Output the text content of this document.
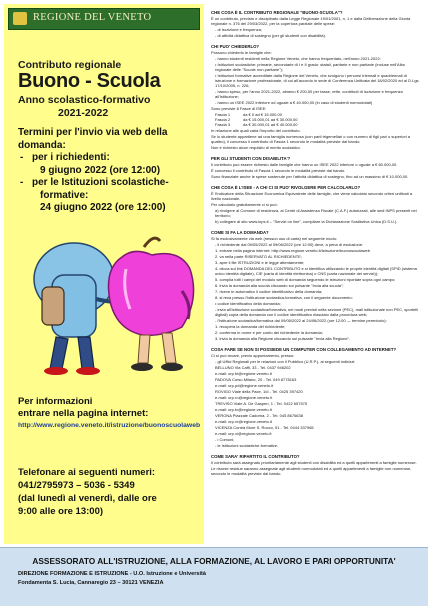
REGIONE DEL VENETO
Contributo regionale
Buono - Scuola
Anno scolastico-formativo
2021-2022
Termini per l'invio via web della
domanda:
- per i richiedenti:
9 giugno 2022 (ore 12:00)
- per le Istituzioni scolastiche-
formative:
24 giugno 2022 (ore 12:00)
Per informazioni
entrare nella pagina internet:
http://www.regione.veneto.it/istruzione/buonoscuolaweb
Telefonare ai seguenti numeri:
041/2795973 – 5036 - 5349
(dal lunedì al venerdì, dalle ore
9:00 alle ore 13:00)
CHE COSA È IL CONTRIBUTO REGIONALE "BUONO-SCUOLA"?

È un contributo, previsto e disciplinato dalla Legge Regionale 19/01/2001, n. 1 e dalla Deliberazione della Giunta regionale n. 376 del 29/03/2022, per la copertura parziale delle spese:

- di Iscrizione e frequenza;

- di attività didattica di sostegno (per gli studenti con disabilità).

CHI PUO' CHIEDERLO?

Possono chiederlo le famiglie che:

- hanno studenti residenti nella Regione Veneto, che hanno frequentato, nell'anno 2021-2022:

• Istituzioni scolastiche: primarie, secondarie di I e II grado: statali, paritarie e non paritarie (incluse nell'Albo regionale delle "Scuole non paritarie");

• Istituzioni formative accreditate dalla Regione del Veneto, che svolgono i percorsi triennali e quadriennali di istruzione e formazione professionale, di cui all'accordo in sede di Conferenza Unificata del 18/02/2020 ed al D.Lgs. 17/10/2005, n. 226;

- hanno speso, per l'anno 2021-2022, almeno € 200,00 per tasse, rette, contributi di iscrizione e frequenza all'Istituzione;

- hanno un ISEE 2022 inferiore od uguale a € 40.000,00 (in caso di studenti normodotati)

Sono previste 8 Fasce di ISEE:

Fascia 1	da € 0 ad € 15.000,00
Fascia 2	da € 15.000,01 ad € 30.000,00
Fascia 3	da € 30.000,01 ad € 40.000,00

In relazione alle quali varia l'importo del contributo.

Se lo studente appartiene ad una famiglia numerosa (con parti trigemellari o con numero di figli pari o superiori a quattro), il concesso il contributo di Fascia 1 secondo le modalità previste dal bando.

Non è richiesto alcun requisito di merito scolastico.

PER GLI STUDENTI CON DISABILITA'?

Il contributo può essere richiesto dalle famiglie che hanno un ISEE 2022 inferiore o uguale a € 60.000,00.

È concesso il contributo di Fascia 1 secondo le modalità previste dal bando.

Sono finanziate anche le spese sostenute per l'attività didattica di sostegno, fino ad un massimo di € 10.000,00.

CHE COSA È L'ISEE - A CHI CI SI PUO' RIVOLGERE PER CALCOLARLO?

È l'Indicatore della Situazione Economica Equivalente delle famiglie, che viene calcolato secondo criteri unificati a livello nazionale.

Per calcolarlo gratuitamente ci si può:

a) rivolgere al Comune di residenza, ai Centri di Assistenza Fiscale (C.A.F.) autorizzati, alle sedi INPS presenti nel territorio;

b) collegare al sito www.inps.it – "Servizi on line", compilare la Dichiarazione Sostitutiva Unica (D.S.U.).

COME SI FA LA DOMANDA?

Si fa esclusivamente via web (nessun uso di carta) nel seguente modo:

- il richiedente dal 09/05/2022 al 09/06/2022 (ore 12:00) deve, a pena di esclusione:

1. entrare nella pagina internet: http://www.regione.veneto.it/istruzione/buonoscuolaweb

2. va nella parte RISERVATO AL RICHIEDENTE;

3. apre il file ISTRUZIONI e le legge attentamente;

4. clicca sul link DOMANDA DEL CONTRIBUTO e si identifica utilizzando le proprie identità digitali (SPID (sistema unico identità digitale), CIE (carta di identità elettronica) o CNS (carta nazionale dei servizi));

5. compila tutti i campi del modulo web di domanda seguendo le istruzioni riportate sopra ogni campo;

6. invia la domanda alla scuola cliccando sul pulsante "Invia alla scuola";

7. riceve in automatico il codice identificativo della domanda;

8. si reca presso l'Istituzione scolastica-formativa, con il seguente documento:

• codice identificativo della domanda;

- invia all'Istituzione scolastica/formativa, nei modi previsti nella sezione (PEC), mail istituzionale non PEC, sportelli digitali) copia della domanda con il codice identificativo rilasciato dalla procedura web;

- l'Istituzione scolastica/formativa dal 09/05/2022 al 24/06/2022 (ore 12:00 — termine perentorio):

1. recupera la domanda del richiedente;

2. conferma in nome e per conto del richiedente la domanda;

3. invia la domanda alla Regione cliccando sul pulsante "Invia alla Regione".

COSA FARE SE NON SI POSSIEDE UN COMPUTER CON COLLEGAMENTO AD INTERNET?

Ci si può recare, previo appuntamento, presso:

- gli Uffici Regionali per le relazioni con il Pubblico (U.R.P.), ai seguenti indirizzi:

BELLUNO Via Caffi, 33 - Tel. 0437 946202

e-mail: urp.bl@regione.veneto.it

PADOVA Corso Milano, 20 - Tel. 049 8778163

e-mail: urp.pd@regione.veneto.it

ROVIGO Viale della Pace, 1/d - Tel. 0425 397420

e-mail: urp.ro@regione.veneto.it

TREVISO Viale A. De Gasperi, 1 - Tel. 0422 657575

e-mail: urp.tv@regione.veneto.it

VERONA Piazzale Cadorna, 2 - Tel. 045 8676638

e-mail: urp.vr@regione.veneto.it

VICENZA Contrà Mure S. Rocco, 51 - Tel. 0444 337965

e-mail: urp.vi@regione.veneto.it

- i Comuni;

- le Istituzioni scolastiche-formative.

COME SARA' RIPARTITO IL CONTRIBUTO?

Il contributo sarà assegnato prioritariamente agli studenti con disabilità ed a quelli appartenenti a famiglie numerose.

Le risorse residue saranno assegnate agli studenti normodotati ed a quelli appartenenti a famiglie non numerose, secondo le modalità previste dal bando.

ASSESSORATO ALL'ISTRUZIONE, ALLA FORMAZIONE, AL LAVORO E PARI OPPORTUNITA'
DIREZIONE FORMAZIONE E ISTRUZIONE - U.O. Istruzione e Università
Fondamenta S. Lucia, Cannaregio 23 – 30121 VENEZIA
